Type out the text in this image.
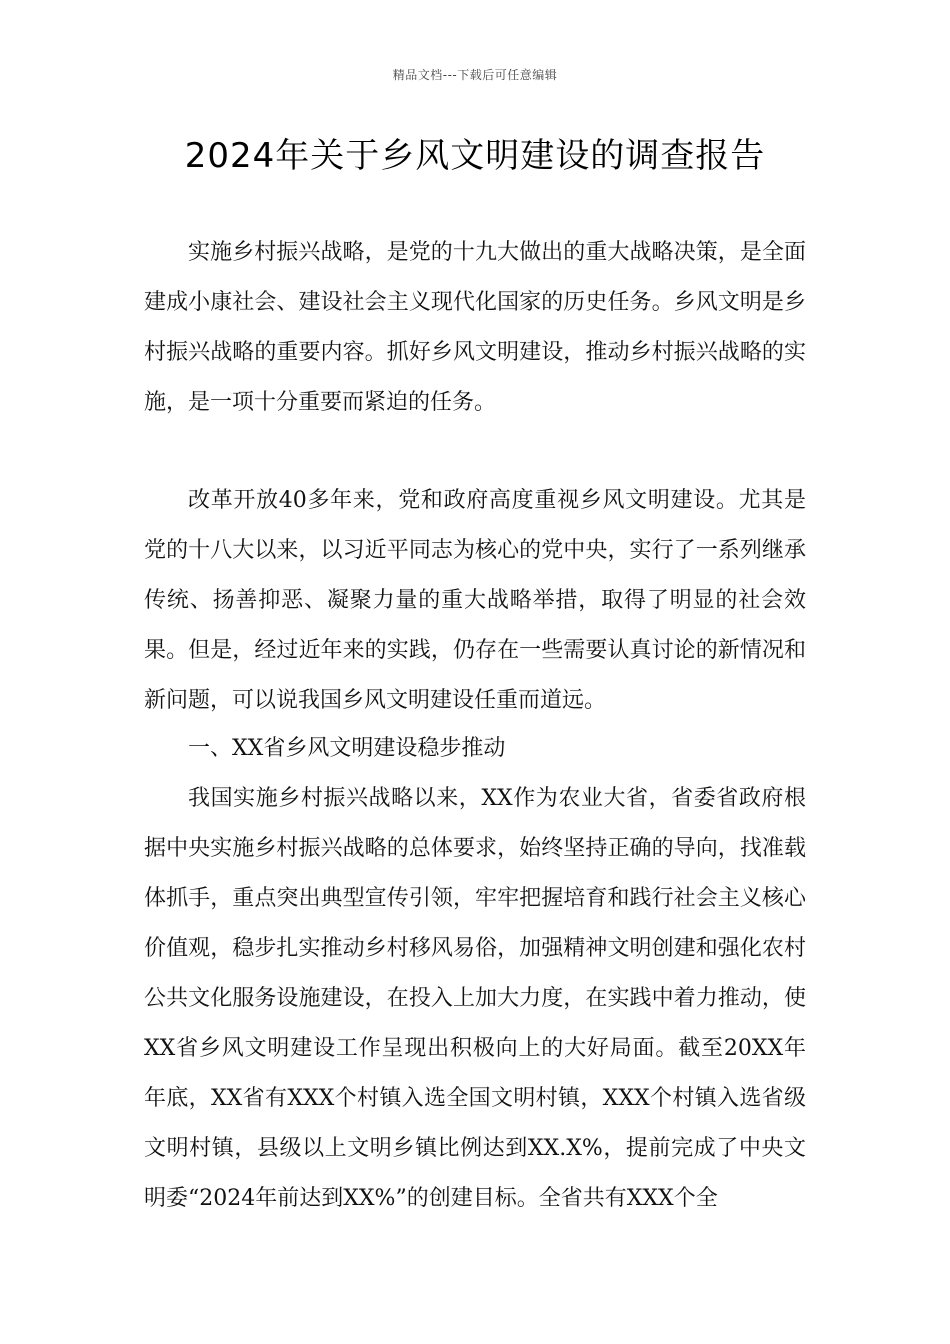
精品文档---下载后可任意编辑
2024年关于乡风文明建设的调查报告

实施乡村振兴战略，是党的十九大做出的重大战略决策，是全面建成小康社会、建设社会主义现代化国家的历史任务。乡风文明是乡村振兴战略的重要内容。抓好乡风文明建设，推动乡村振兴战略的实施，是一项十分重要而紧迫的任务。

改革开放40多年来，党和政府高度重视乡风文明建设。尤其是党的十八大以来，以习近平同志为核心的党中央，实行了一系列继承传统、扬善抑恶、凝聚力量的重大战略举措，取得了明显的社会效果。但是，经过近年来的实践，仍存在一些需要认真讨论的新情况和新问题，可以说我国乡风文明建设任重而道远。

一、XX省乡风文明建设稳步推动

我国实施乡村振兴战略以来，XX作为农业大省，省委省政府根据中央实施乡村振兴战略的总体要求，始终坚持正确的导向，找准载体抓手，重点突出典型宣传引领，牢牢把握培育和践行社会主义核心价值观，稳步扎实推动乡村移风易俗，加强精神文明创建和强化农村公共文化服务设施建设，在投入上加大力度，在实践中着力推动，使XX省乡风文明建设工作呈现出积极向上的大好局面。截至20XX年年底，XX省有XXX个村镇入选全国文明村镇，XXX个村镇入选省级文明村镇，县级以上文明乡镇比例达到XX.X%，提前完成了中央文明委“2024年前达到XX%”的创建目标。全省共有XXX个全
